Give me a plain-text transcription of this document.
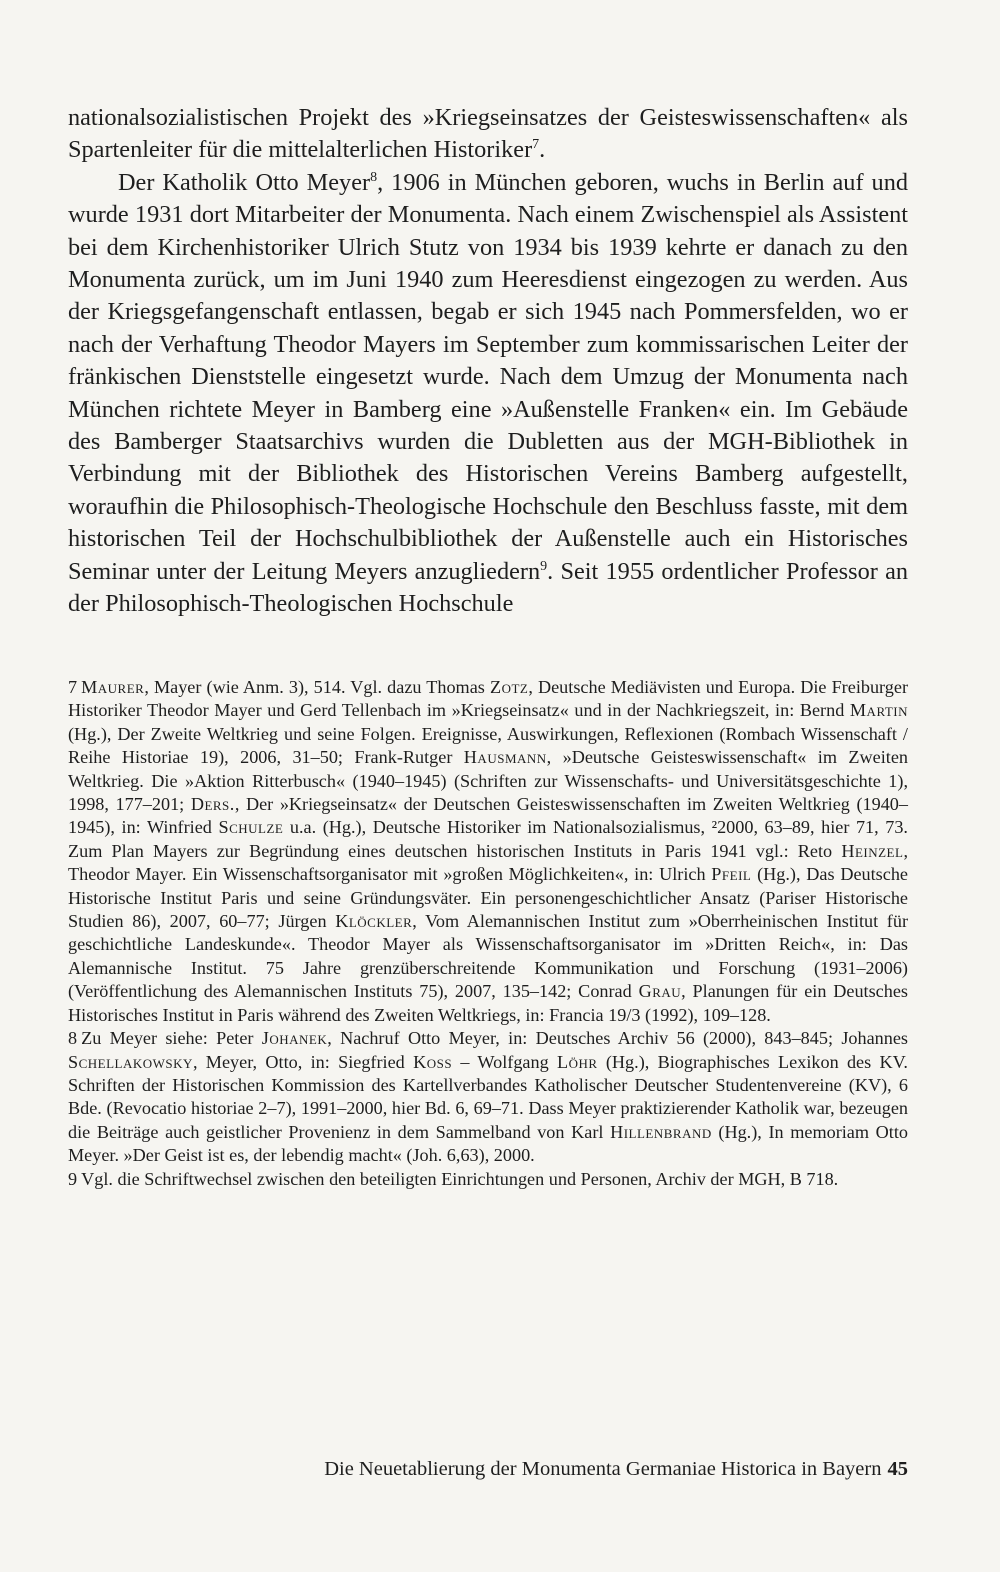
nationalsozialistischen Projekt des »Kriegseinsatzes der Geisteswissenschaften« als Spartenleiter für die mittelalterlichen Historiker$^7$.

Der Katholik Otto Meyer$^8$, 1906 in München geboren, wuchs in Berlin auf und wurde 1931 dort Mitarbeiter der Monumenta. Nach einem Zwischenspiel als Assistent bei dem Kirchenhistoriker Ulrich Stutz von 1934 bis 1939 kehrte er danach zu den Monumenta zurück, um im Juni 1940 zum Heeresdienst eingezogen zu werden. Aus der Kriegsgefangenschaft entlassen, begab er sich 1945 nach Pommersfelden, wo er nach der Verhaftung Theodor Mayers im September zum kommissarischen Leiter der fränkischen Dienststelle eingesetzt wurde. Nach dem Umzug der Monumenta nach München richtete Meyer in Bamberg eine »Außenstelle Franken« ein. Im Gebäude des Bamberger Staatsarchivs wurden die Dubletten aus der MGH-Bibliothek in Verbindung mit der Bibliothek des Historischen Vereins Bamberg aufgestellt, woraufhin die Philosophisch-Theologische Hochschule den Beschluss fasste, mit dem historischen Teil der Hochschulbibliothek der Außenstelle auch ein Historisches Seminar unter der Leitung Meyers anzugliedern$^9$. Seit 1955 ordentlicher Professor an der Philosophisch-Theologischen Hochschule

7 Maurer, Mayer (wie Anm. 3), 514. Vgl. dazu Thomas Zotz, Deutsche Mediävisten und Europa. Die Freiburger Historiker Theodor Mayer und Gerd Tellenbach im »Kriegseinsatz« und in der Nachkriegszeit, in: Bernd Martin (Hg.), Der Zweite Weltkrieg und seine Folgen. Ereignisse, Auswirkungen, Reflexionen (Rombach Wissenschaft / Reihe Historiae 19), 2006, 31–50; Frank-Rutger Hausmann, »Deutsche Geisteswissenschaft« im Zweiten Weltkrieg. Die »Aktion Ritterbusch« (1940–1945) (Schriften zur Wissenschafts- und Universitätsgeschichte 1), 1998, 177–201; Ders., Der »Kriegseinsatz« der Deutschen Geisteswissenschaften im Zweiten Weltkrieg (1940–1945), in: Winfried Schulze u.a. (Hg.), Deutsche Historiker im Nationalsozialismus, ²2000, 63–89, hier 71, 73. Zum Plan Mayers zur Begründung eines deutschen historischen Instituts in Paris 1941 vgl.: Reto Heinzel, Theodor Mayer. Ein Wissenschaftsorganisator mit »großen Möglichkeiten«, in: Ulrich Pfeil (Hg.), Das Deutsche Historische Institut Paris und seine Gründungsväter. Ein personengeschichtlicher Ansatz (Pariser Historische Studien 86), 2007, 60–77; Jürgen Klöckler, Vom Alemannischen Institut zum »Oberrheinischen Institut für geschichtliche Landeskunde«. Theodor Mayer als Wissenschaftsorganisator im »Dritten Reich«, in: Das Alemannische Institut. 75 Jahre grenzüberschreitende Kommunikation und Forschung (1931–2006) (Veröffentlichung des Alemannischen Instituts 75), 2007, 135–142; Conrad Grau, Planungen für ein Deutsches Historisches Institut in Paris während des Zweiten Weltkriegs, in: Francia 19/3 (1992), 109–128.

8 Zu Meyer siehe: Peter Johanek, Nachruf Otto Meyer, in: Deutsches Archiv 56 (2000), 843–845; Johannes Schellakowsky, Meyer, Otto, in: Siegfried Koss – Wolfgang Löhr (Hg.), Biographisches Lexikon des KV. Schriften der Historischen Kommission des Kartellverbandes Katholischer Deutscher Studentenvereine (KV), 6 Bde. (Revocatio historiae 2–7), 1991–2000, hier Bd. 6, 69–71. Dass Meyer praktizierender Katholik war, bezeugen die Beiträge auch geistlicher Provenienz in dem Sammelband von Karl Hillenbrand (Hg.), In memoriam Otto Meyer. »Der Geist ist es, der lebendig macht« (Joh. 6,63), 2000.

9 Vgl. die Schriftwechsel zwischen den beteiligten Einrichtungen und Personen, Archiv der MGH, B 718.

Die Neuetablierung der Monumenta Germaniae Historica in Bayern 45
